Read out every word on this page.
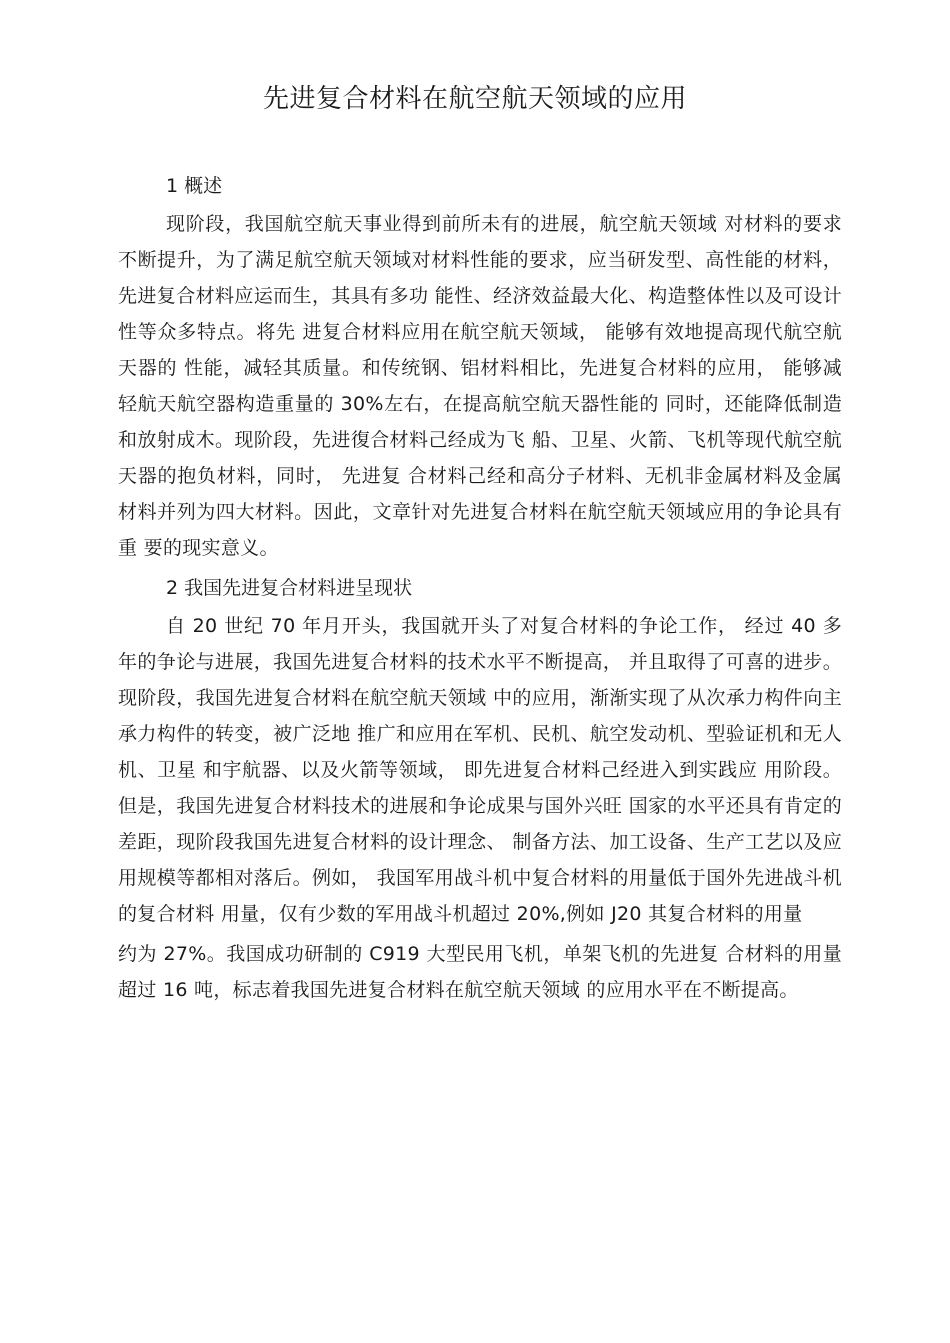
先进复合材料在航空航天领域的应用
1 概述

现阶段，我国航空航天事业得到前所未有的进展，航空航天领域 对材料的要求不断提升，为了满足航空航天领域对材料性能的要求，应当研发型、高性能的材料，先进复合材料应运而生，其具有多功 能性、经济效益最大化、构造整体性以及可设计性等众多特点。将先 进复合材料应用在航空航天领域， 能够有效地提高现代航空航天器的 性能，减轻其质量。和传统钢、铝材料相比，先进复合材料的应用， 能够减轻航天航空器构造重量的 30%左右，在提高航空航天器性能的 同时，还能降低制造和放射成木。现阶段，先进復合材料己经成为飞 船、卫星、火箭、飞机等现代航空航天器的抱负材料，同时， 先进复 合材料己经和高分子材料、无机非金属材料及金属材料并列为四大材料。因此，文章针对先进复合材料在航空航天领域应用的争论具有重 要的现实意义。

2 我国先进复合材料进呈现状

自 20 世纪 70 年月开头，我国就开头了对复合材料的争论工作， 经过 40 多年的争论与进展，我国先进复合材料的技术水平不断提高， 并且取得了可喜的进步。现阶段，我国先进复合材料在航空航天领域 中的应用，渐渐实现了从次承力构件向主承力构件的转变，被广泛地 推广和应用在军机、民机、航空发动机、型验证机和无人机、卫星 和宇航器、以及火箭等领域， 即先进复合材料己经进入到实践应 用阶段。但是，我国先进复合材料技术的进展和争论成果与国外兴旺 国家的水平还具有肯定的差距，现阶段我国先进复合材料的设计理念、 制备方法、加工设备、生产工艺以及应用规模等都相对落后。例如， 我国军用战斗机中复合材料的用量低于国外先进战斗机的复合材料 用量，仅有少数的军用战斗机超过 20%,例如 J20 其复合材料的用量

约为 27%。我国成功研制的 C919 大型民用飞机，单架飞机的先进复 合材料的用量超过 16 吨，标志着我国先进复合材料在航空航天领域 的应用水平在不断提高。
